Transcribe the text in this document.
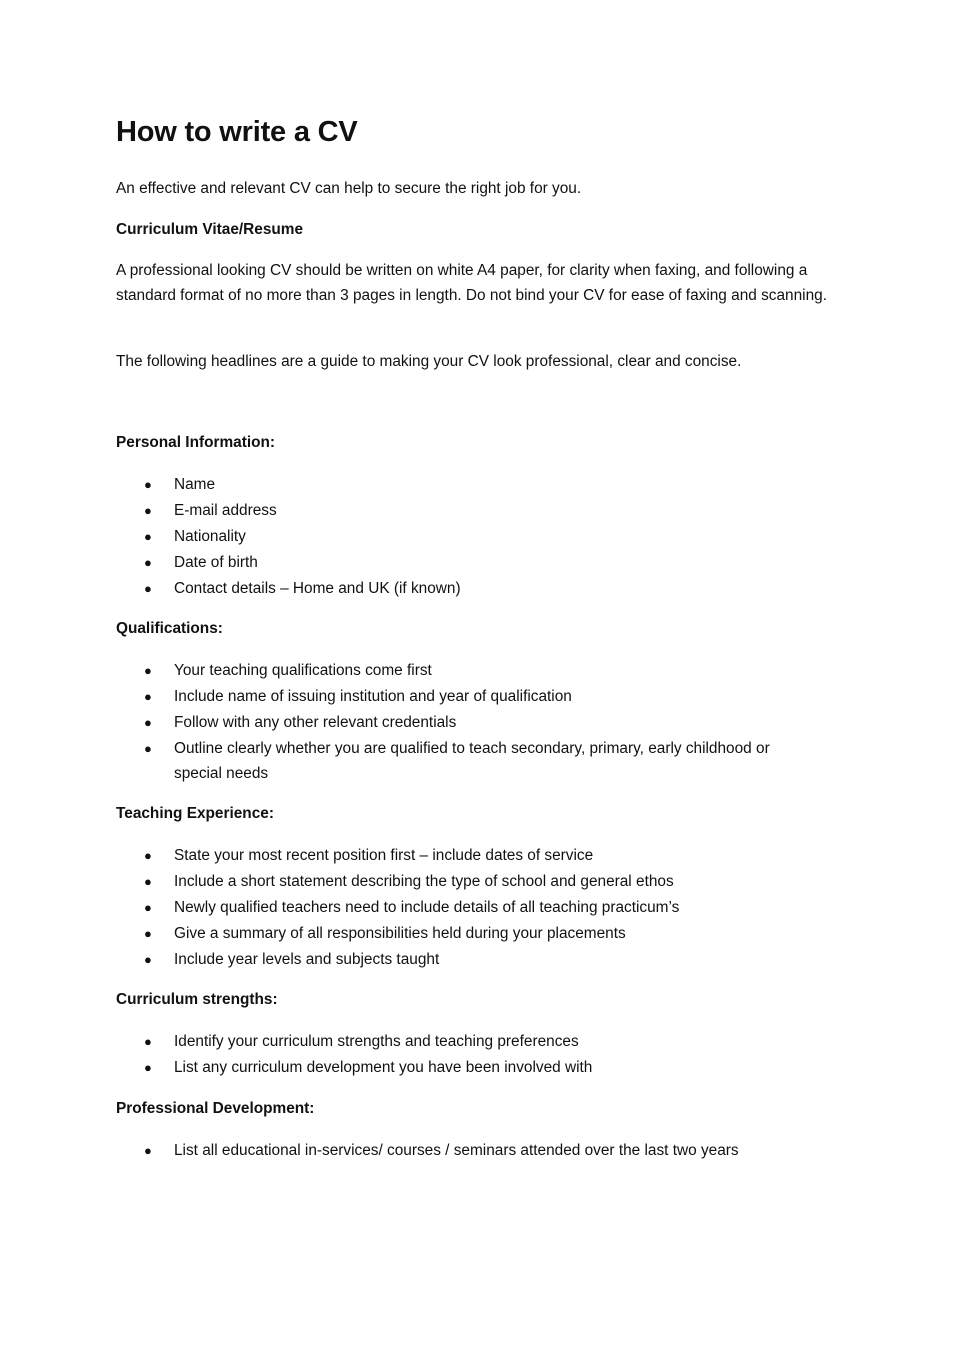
How to write a CV

An effective and relevant CV can help to secure the right job for you.

Curriculum Vitae/Resume

A professional looking CV should be written on white A4 paper, for clarity when faxing, and following a standard format of no more than 3 pages in length. Do not bind your CV for ease of faxing and scanning.

The following headlines are a guide to making your CV look professional, clear and concise.

Personal Information:
● Name
● E-mail address
● Nationality
● Date of birth
● Contact details – Home and UK (if known)
Qualifications:
● Your teaching qualifications come first
● Include name of issuing institution and year of qualification
● Follow with any other relevant credentials
● Outline clearly whether you are qualified to teach secondary, primary, early childhood or special needs
Teaching Experience:
● State your most recent position first – include dates of service
● Include a short statement describing the type of school and general ethos
● Newly qualified teachers need to include details of all teaching practicum’s
● Give a summary of all responsibilities held during your placements
● Include year levels and subjects taught
Curriculum strengths:
● Identify your curriculum strengths and teaching preferences
● List any curriculum development you have been involved with
Professional Development:
● List all educational in-services/ courses / seminars attended over the last two years
